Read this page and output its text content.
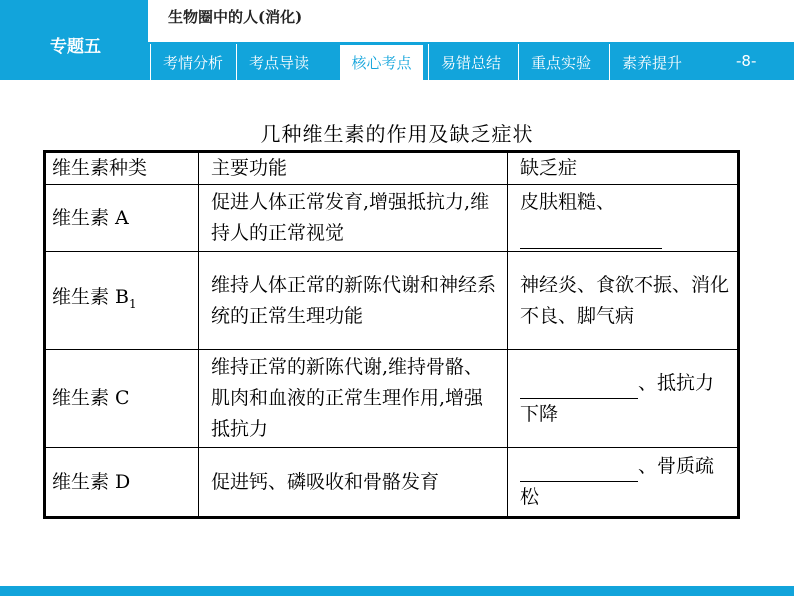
专题五
生物圈中的人(消化)
考情分析	考点导读	核心考点	易错总结	重点实验	素养提升	-8-
几种维生素的作用及缺乏症状
维生素种类	主要功能	缺乏症
维生素 A	促进人体正常发育,增强抵抗力,维持人的正常视觉	皮肤粗糙、

维生素 $B_1$	维持人体正常的新陈代谢和神经系统的正常生理功能	神经炎、食欲不振、消化不良、脚气病
维生素 C	维持正常的新陈代谢,维持骨骼、肌肉和血液的正常生理作用,增强抵抗力	、抵抗力下降
维生素 D	促进钙、磷吸收和骨骼发育	、骨质疏松
